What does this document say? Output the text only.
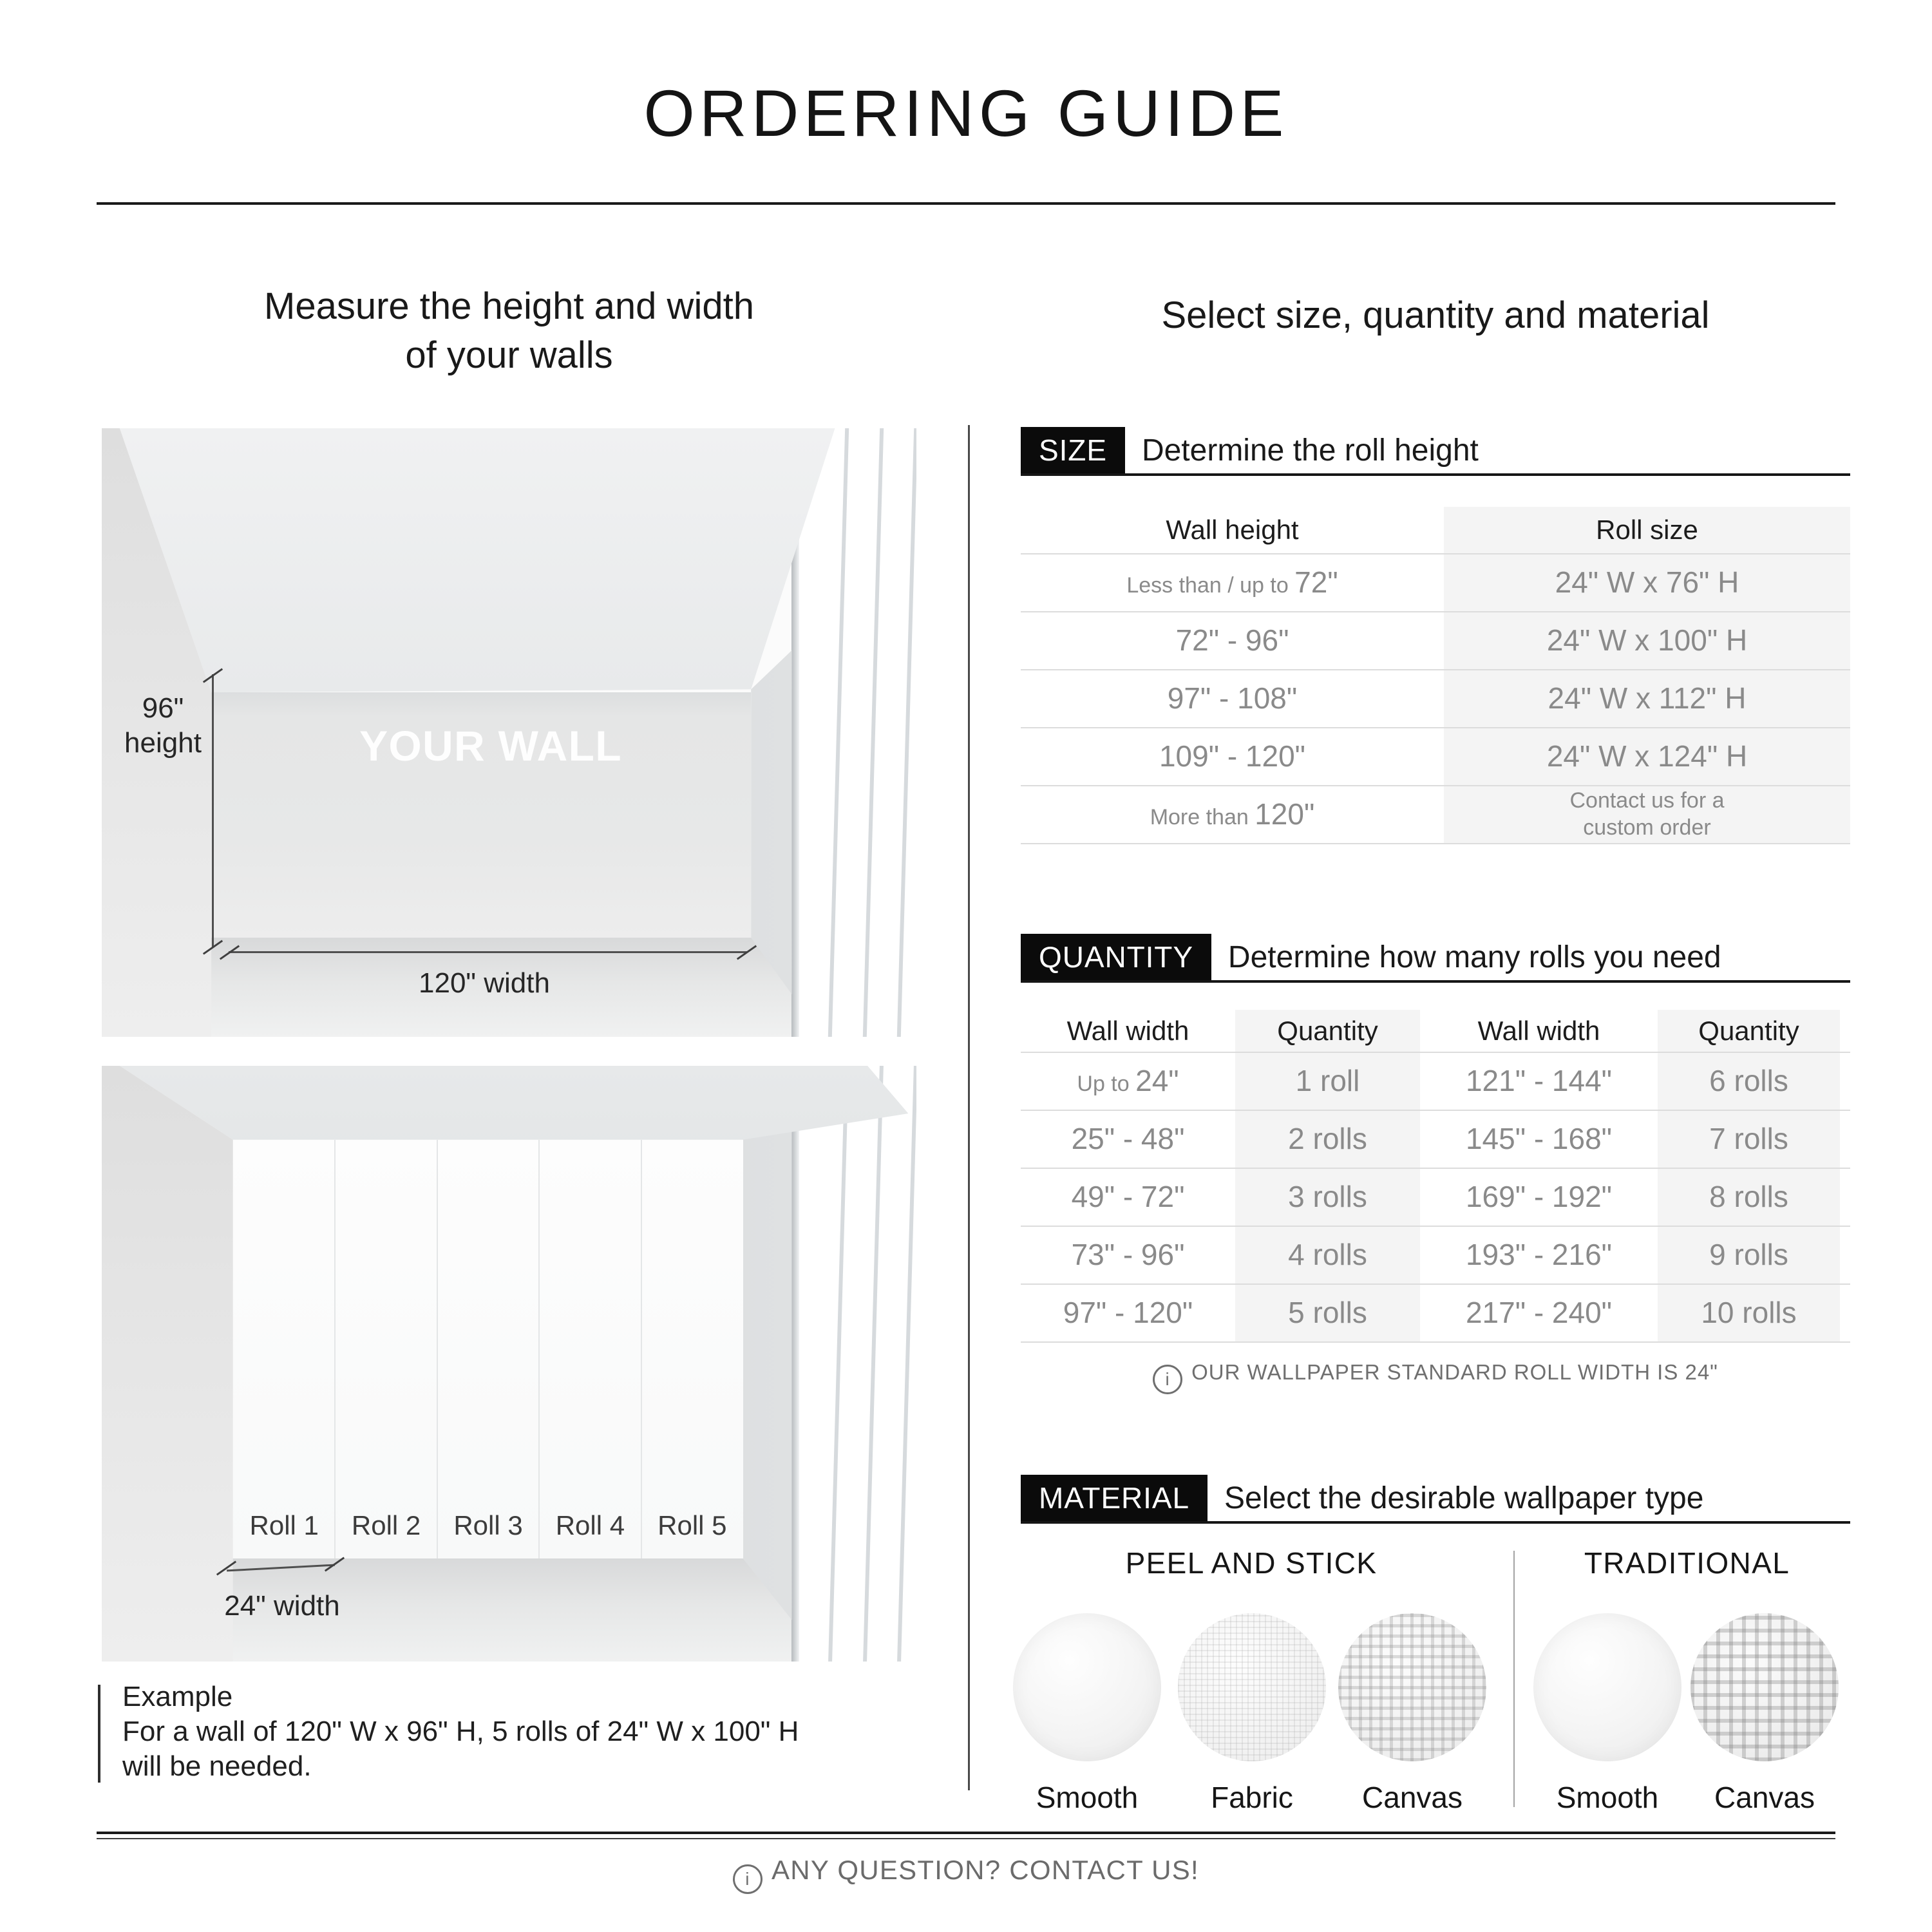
ORDERING GUIDE
Measure the height and width
of your walls
YOUR WALL
96"
height
120" width
Roll 1	Roll 2	Roll 3	Roll 4	Roll 5
24" width
Example
For a wall of 120" W x 96" H, 5 rolls of 24" W x 100" H
will be needed.
Select size, quantity and material
SIZE	Determine the roll height
Wall height	Roll size
Less than / up to 72"	24" W x 76" H
72" - 96"	24" W x 100" H
97" - 108"	24" W x 112" H
109" - 120"	24" W x 124" H
More than 120"	Contact us for a custom order
QUANTITY	Determine how many rolls you need
Wall width	Quantity	Wall width	Quantity
Up to 24"	1 roll	121" - 144"	6 rolls
25" - 48"	2 rolls	145" - 168"	7 rolls
49" - 72"	3 rolls	169" - 192"	8 rolls
73" - 96"	4 rolls	193" - 216"	9 rolls
97" - 120"	5 rolls	217" - 240"	10 rolls
i OUR WALLPAPER STANDARD ROLL WIDTH IS 24"
MATERIAL	Select the desirable wallpaper type
PEEL AND STICK	TRADITIONAL
Smooth	Fabric	Canvas	Smooth	Canvas
i ANY QUESTION? CONTACT US!
